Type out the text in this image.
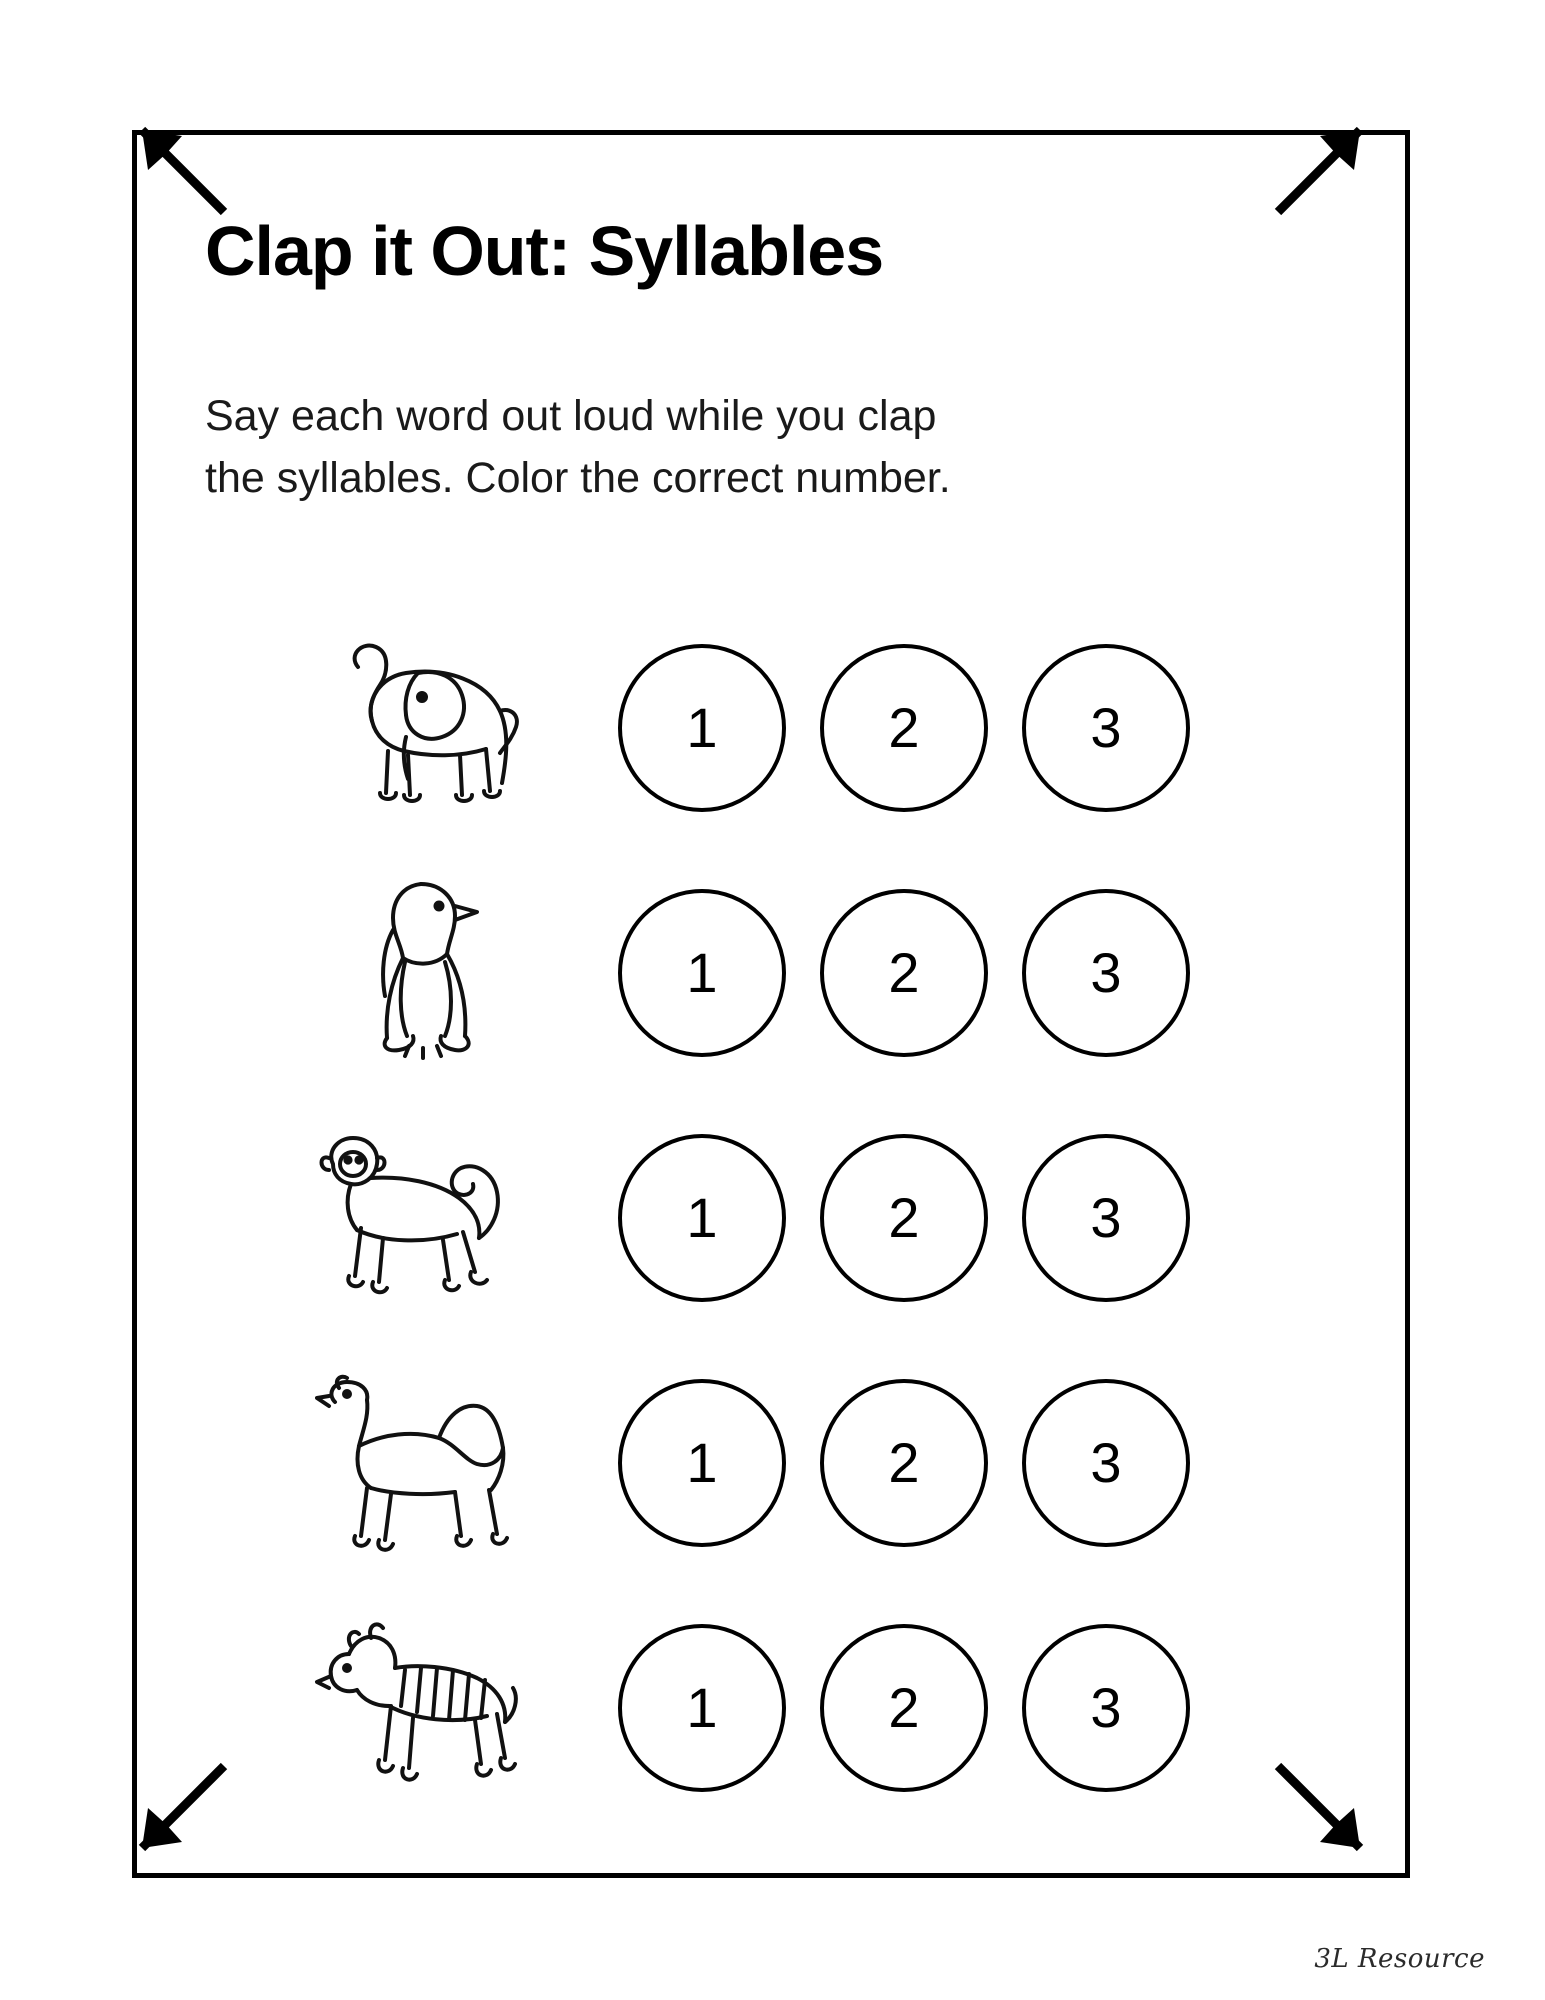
Clap it Out: Syllables
Say each word out loud while you clap
the syllables. Color the correct number.
1	2	3
1	2	3
1	2	3
1	2	3
1	2	3
3L Resource
